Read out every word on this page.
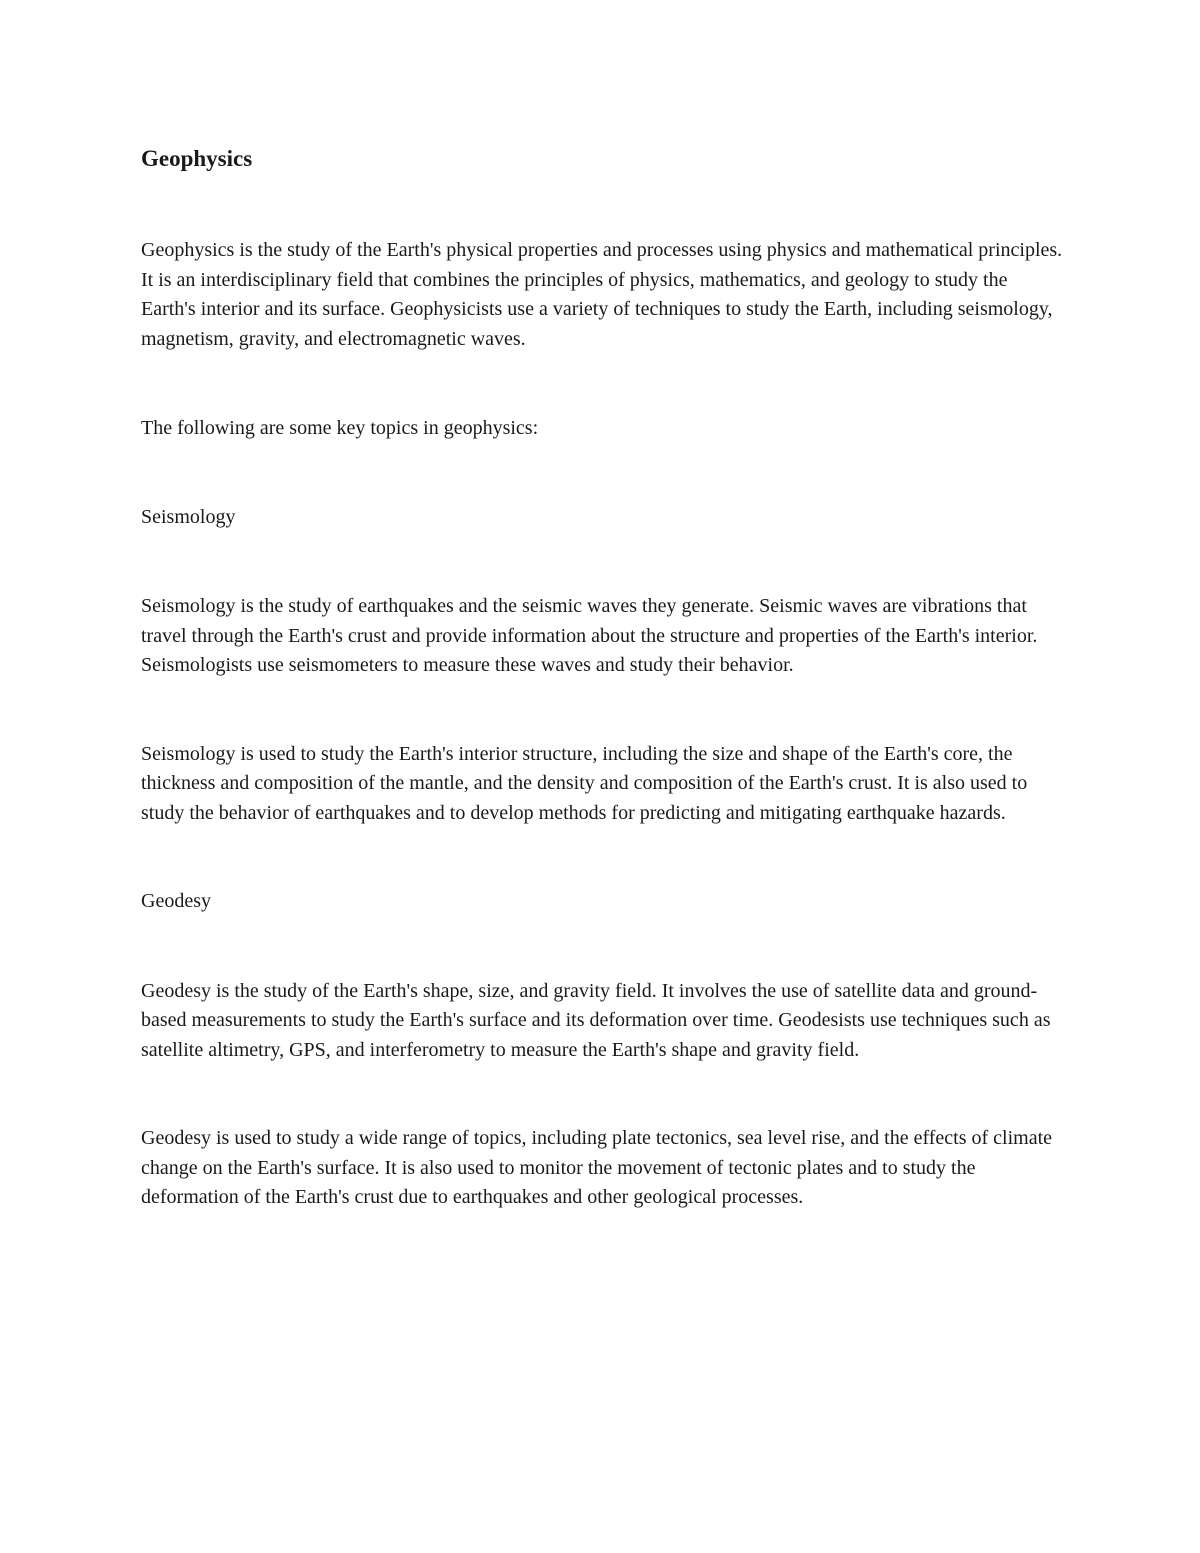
Geophysics

Geophysics is the study of the Earth's physical properties and processes using physics and mathematical principles. It is an interdisciplinary field that combines the principles of physics, mathematics, and geology to study the Earth's interior and its surface. Geophysicists use a variety of techniques to study the Earth, including seismology, magnetism, gravity, and electromagnetic waves.

The following are some key topics in geophysics:

Seismology

Seismology is the study of earthquakes and the seismic waves they generate. Seismic waves are vibrations that travel through the Earth's crust and provide information about the structure and properties of the Earth's interior. Seismologists use seismometers to measure these waves and study their behavior.

Seismology is used to study the Earth's interior structure, including the size and shape of the Earth's core, the thickness and composition of the mantle, and the density and composition of the Earth's crust. It is also used to study the behavior of earthquakes and to develop methods for predicting and mitigating earthquake hazards.

Geodesy

Geodesy is the study of the Earth's shape, size, and gravity field. It involves the use of satellite data and ground-based measurements to study the Earth's surface and its deformation over time. Geodesists use techniques such as satellite altimetry, GPS, and interferometry to measure the Earth's shape and gravity field.

Geodesy is used to study a wide range of topics, including plate tectonics, sea level rise, and the effects of climate change on the Earth's surface. It is also used to monitor the movement of tectonic plates and to study the deformation of the Earth's crust due to earthquakes and other geological processes.
